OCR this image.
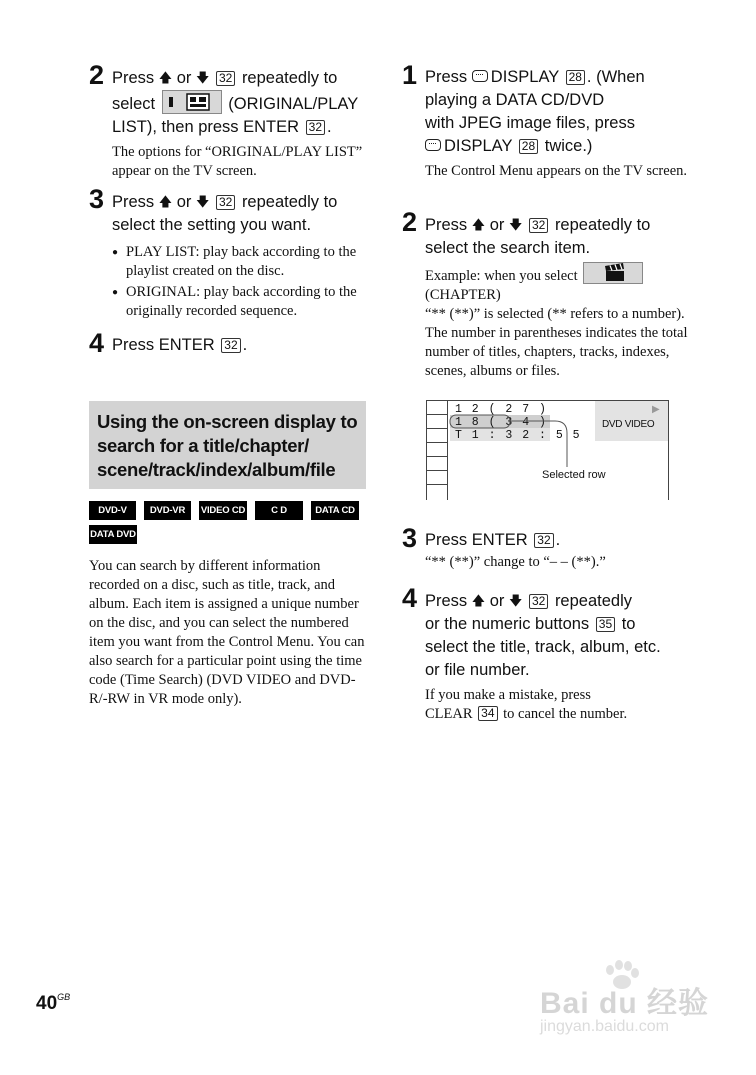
2 Press 🡅 or 🡇 32 repeatedly to
select	(ORIGINAL/PLAY
LIST), then press ENTER 32 .

The options for “ORIGINAL/PLAY LIST” appear on the TV screen.

3 Press 🡅 or 🡇 32 repeatedly to
select the setting you want.

● PLAY LIST: play back according to the playlist created on the disc.
● ORIGINAL: play back according to the originally recorded sequence.
4 Press ENTER 32 .

Using the on-screen display to search for a title/chapter/ scene/track/index/album/file
DVD-V	DVD-VR	VIDEO CD	C D	DATA CD
DATA DVD

You can search by different information recorded on a disc, such as title, track, and album. Each item is assigned a unique number on the disc, and you can select the numbered item you want from the Control Menu. You can also search for a particular point using the time code (Time Search) (DVD VIDEO and DVD-R/-RW in VR mode only).

1 Press DISPLAY 28 . (When
playing a DATA CD/DVD
with JPEG image files, press
DISPLAY 28 twice.)

The Control Menu appears on the TV screen.

2 Press 🡅 or 🡇 32 repeatedly to
select the search item.

Example: when you select

(CHAPTER)

“** (**)” is selected (** refers to a number). The number in parentheses indicates the total number of titles, chapters, tracks, indexes, scenes, albums or files.

1 2 ( 2 7 )
1 8 ( 3 4 )
T 1 : 3 2 : 5 5
▶
DVD VIDEO
Selected row
3 Press ENTER 32 .

“** (**)” change to “– – (**).”

4 Press 🡅 or 🡇 32 repeatedly
or the numeric buttons 35 to
select the title, track, album, etc.
or file number.

If you make a mistake, press
CLEAR 34 to cancel the number.

$40^{GB}$	Bai du 经验
jingyan.baidu.com
